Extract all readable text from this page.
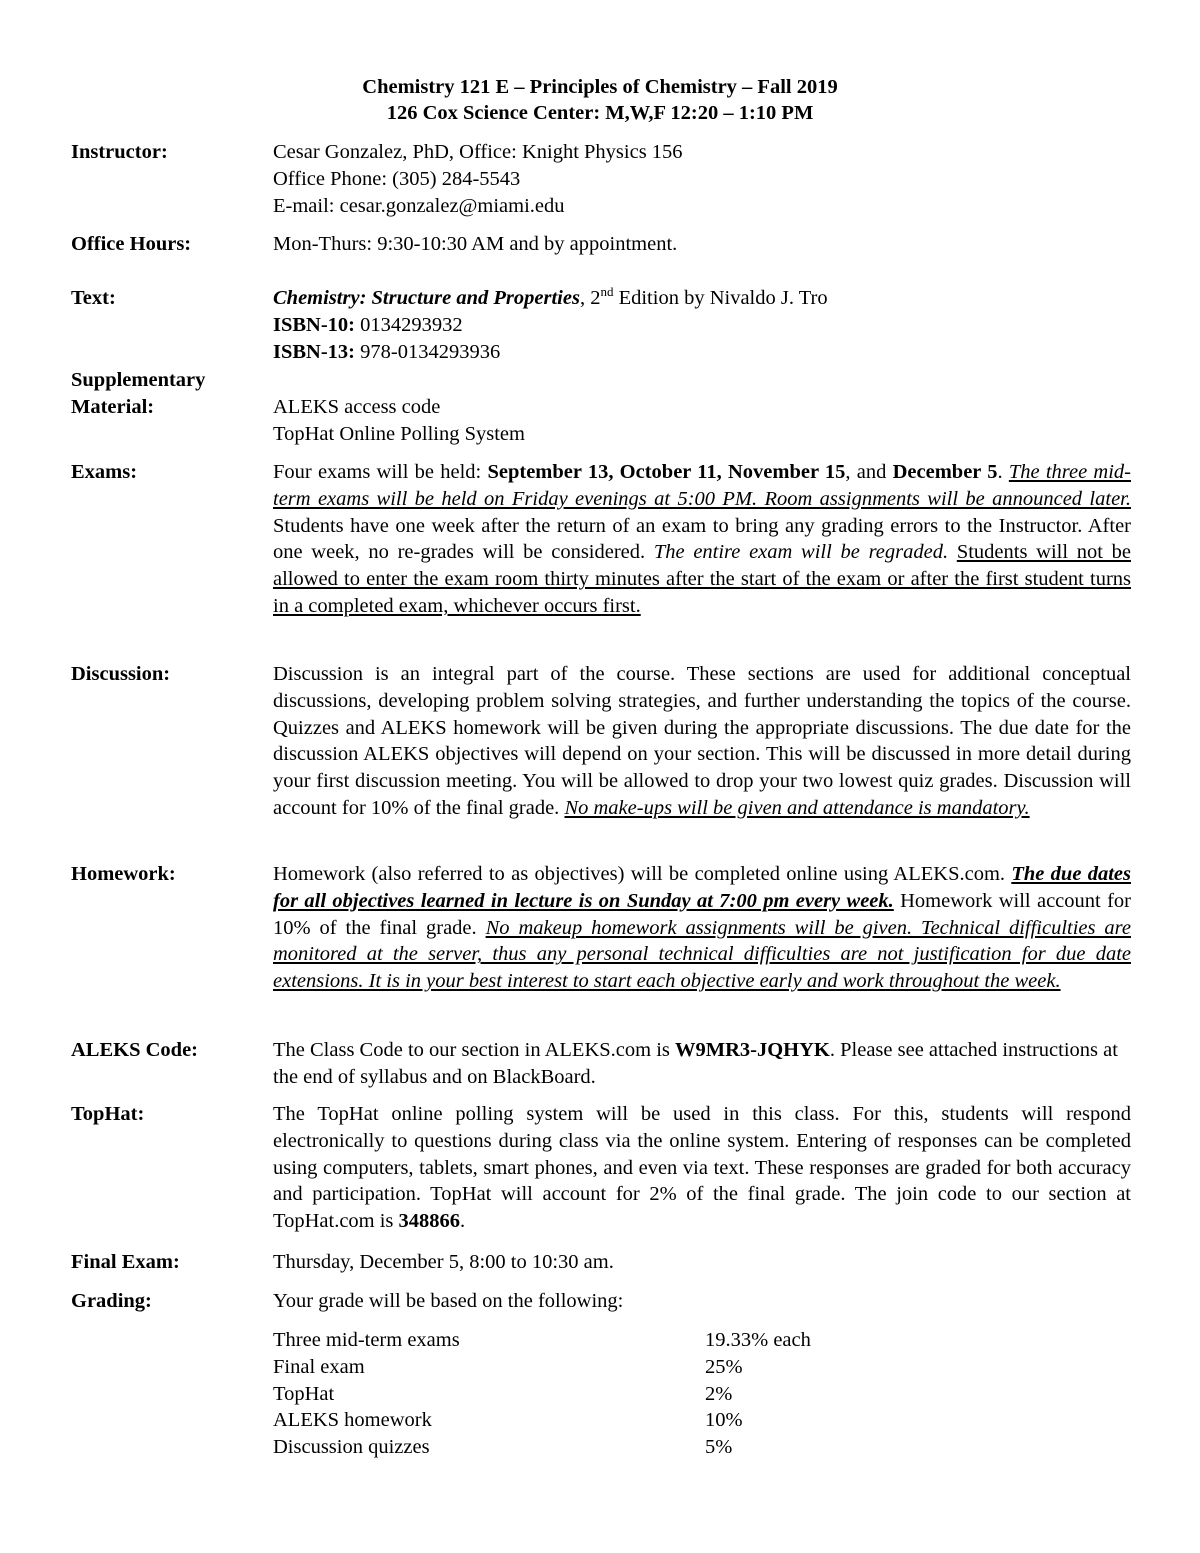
Chemistry 121 E – Principles of Chemistry – Fall 2019
126 Cox Science Center: M,W,F 12:20 – 1:10 PM
Instructor:	Cesar Gonzalez, PhD, Office: Knight Physics 156
Office Phone: (305) 284-5543
E-mail: cesar.gonzalez@miami.edu
Office Hours:	Mon-Thurs: 9:30-10:30 AM and by appointment.
Text:	Chemistry: Structure and Properties, 2nd Edition by Nivaldo J. Tro
ISBN-10: 0134293932
ISBN-13: 978-0134293936
Supplementary
Material:	ALEKS access code
TopHat Online Polling System
Exams:	Four exams will be held: September 13, October 11, November 15, and December 5. The three mid-term exams will be held on Friday evenings at 5:00 PM. Room assignments will be announced later. Students have one week after the return of an exam to bring any grading errors to the Instructor. After one week, no re-grades will be considered. The entire exam will be regraded. Students will not be allowed to enter the exam room thirty minutes after the start of the exam or after the first student turns in a completed exam, whichever occurs first.
Discussion:	Discussion is an integral part of the course. These sections are used for additional conceptual discussions, developing problem solving strategies, and further understanding the topics of the course. Quizzes and ALEKS homework will be given during the appropriate discussions. The due date for the discussion ALEKS objectives will depend on your section. This will be discussed in more detail during your first discussion meeting. You will be allowed to drop your two lowest quiz grades. Discussion will account for 10% of the final grade. No make-ups will be given and attendance is mandatory.
Homework:	Homework (also referred to as objectives) will be completed online using ALEKS.com. The due dates for all objectives learned in lecture is on Sunday at 7:00 pm every week. Homework will account for 10% of the final grade. No makeup homework assignments will be given. Technical difficulties are monitored at the server, thus any personal technical difficulties are not justification for due date extensions. It is in your best interest to start each objective early and work throughout the week.
ALEKS Code:	The Class Code to our section in ALEKS.com is W9MR3-JQHYK. Please see attached instructions at the end of syllabus and on BlackBoard.
TopHat:	The TopHat online polling system will be used in this class. For this, students will respond electronically to questions during class via the online system. Entering of responses can be completed using computers, tablets, smart phones, and even via text. These responses are graded for both accuracy and participation. TopHat will account for 2% of the final grade. The join code to our section at TopHat.com is 348866.
Final Exam:	Thursday, December 5, 8:00 to 10:30 am.
Grading:	Your grade will be based on the following:
Three mid-term exams	19.33% each
Final exam	25%
TopHat	2%
ALEKS homework	10%
Discussion quizzes	5%
